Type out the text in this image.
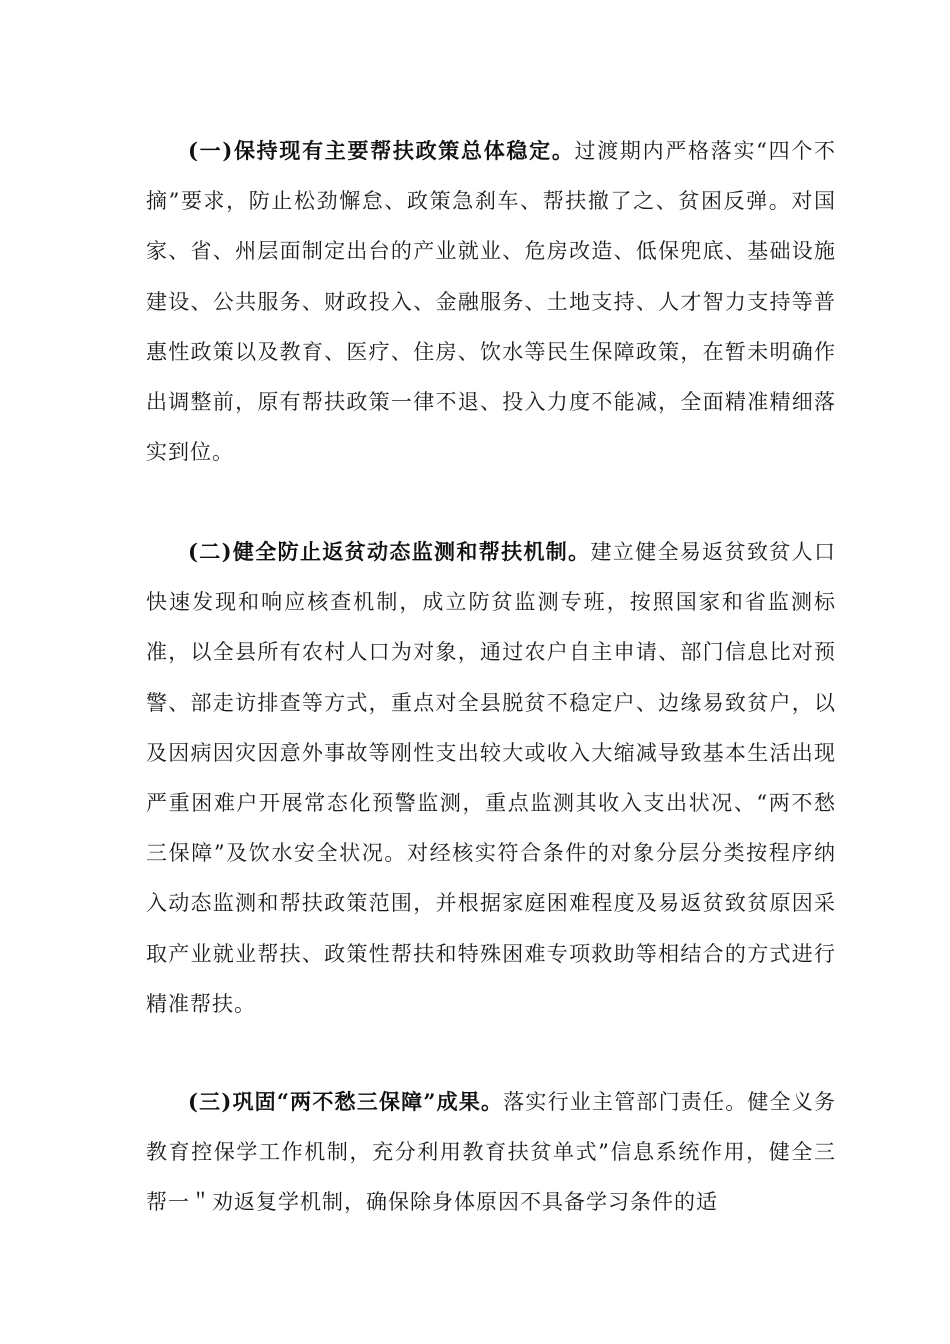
(一)保持现有主要帮扶政策总体稳定。过渡期内严格落实“四个不摘”要求，防止松劲懈怠、政策急刹车、帮扶撤了之、贫困反弹。对国家、省、州层面制定出台的产业就业、危房改造、低保兜底、基础设施建设、公共服务、财政投入、金融服务、土地支持、人才智力支持等普惠性政策以及教育、医疗、住房、饮水等民生保障政策，在暂未明确作出调整前，原有帮扶政策一律不退、投入力度不能减，全面精准精细落实到位。

(二)健全防止返贫动态监测和帮扶机制。建立健全易返贫致贫人口快速发现和响应核查机制，成立防贫监测专班，按照国家和省监测标准，以全县所有农村人口为对象，通过农户自主申请、部门信息比对预警、部走访排查等方式，重点对全县脱贫不稳定户、边缘易致贫户，以及因病因灾因意外事故等刚性支出较大或收入大缩减导致基本生活出现严重困难户开展常态化预警监测，重点监测其收入支出状况、“两不愁三保障”及饮水安全状况。对经核实符合条件的对象分层分类按程序纳入动态监测和帮扶政策范围，并根据家庭困难程度及易返贫致贫原因采取产业就业帮扶、政策性帮扶和特殊困难专项救助等相结合的方式进行精准帮扶。

(三)巩固“两不愁三保障”成果。落实行业主管部门责任。健全义务教育控保学工作机制，充分利用教育扶贫单式”信息系统作用，健全三帮一＂劝返复学机制，确保除身体原因不具备学习条件的适
